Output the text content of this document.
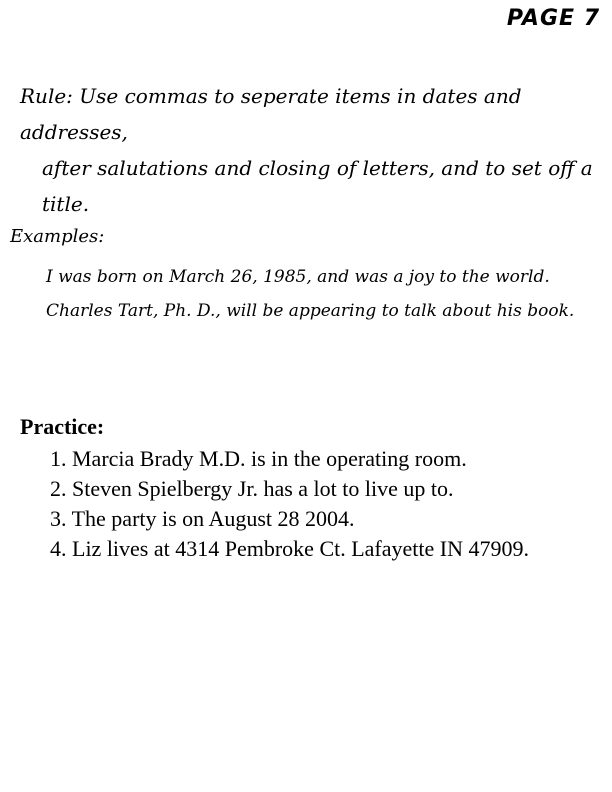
PAGE 7
Rule: Use commas to seperate items in dates and addresses,
after salutations and closing of letters, and to set off a title.
Examples:
I was born on March 26, 1985, and was a joy to the world.
Charles Tart, Ph. D., will be appearing to talk about his book.
Practice:
1. Marcia Brady M.D. is in the operating room.
2. Steven Spielbergy Jr. has a lot to live up to.
3. The party is on August 28 2004.
4. Liz lives at 4314 Pembroke Ct. Lafayette IN 47909.
